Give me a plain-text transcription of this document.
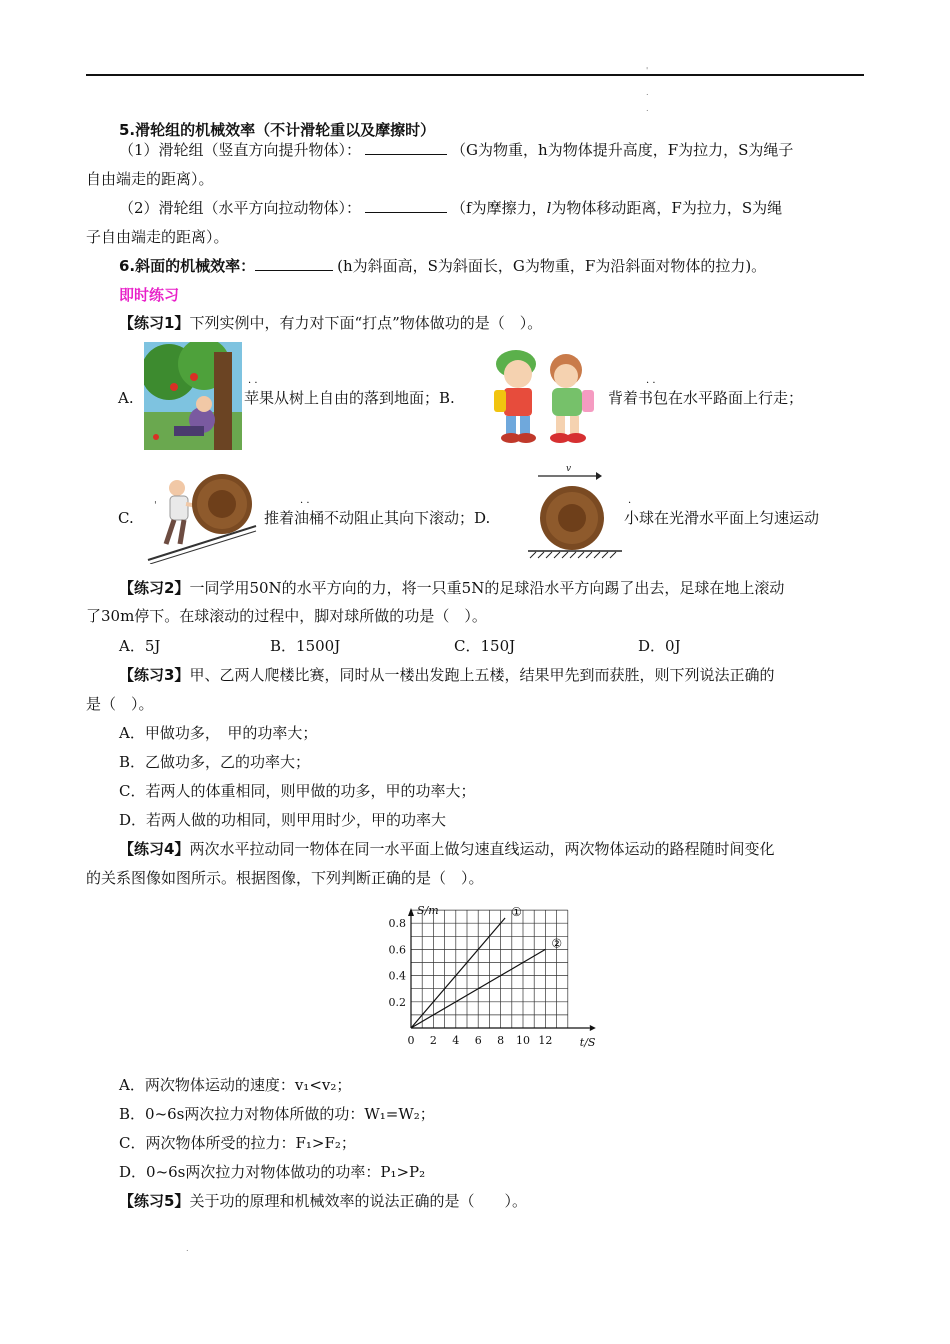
'
.
.
5.滑轮组的机械效率（不计滑轮重以及摩擦时）
（1）滑轮组（竖直方向提升物体）：	（G为物重，h为物体提升高度，F为拉力，S为绳子
自由端走的距离）。
（2）滑轮组（水平方向拉动物体）：	（f为摩擦力，l为物体移动距离，F为拉力，S为绳
子自由端走的距离）。
6.斜面的机械效率：	(h为斜面高，S为斜面长，G为物重，F为沿斜面对物体的拉力)。
即时练习
【练习1】下列实例中，有力对下面“打点”物体做功的是（　）。
A.	苹果从树上自由的落到地面；B.
· ·
背着书包在水平路面上行走；
· ·
'
C.	推着油桶不动阻止其向下滚动；D.
· ·
v
小球在光滑水平面上匀速运动
·
【练习2】一同学用50N的水平方向的力，将一只重5N的足球沿水平方向踢了出去，足球在地上滚动
了30m停下。在球滚动的过程中，脚对球所做的功是（　）。
A．5J	B．1500J	C．150J	D．0J
【练习3】甲、乙两人爬楼比赛，同时从一楼出发跑上五楼，结果甲先到而获胜，则下列说法正确的
是（　）。
A．甲做功多，　甲的功率大；
B．乙做功多，乙的功率大；
C．若两人的体重相同，则甲做的功多，甲的功率大；
D．若两人做的功相同，则甲用时少，甲的功率大
【练习4】两次水平拉动同一物体在同一水平面上做匀速直线运动，两次物体运动的路程随时间变化
的关系图像如图所示。根据图像，下列判断正确的是（　）。
0 2 4 6 8 10 12
0.2
0.4
0.6
0.8
t/S
S/m	①
②
A．两次物体运动的速度：v₁<v₂；
B．0~6s两次拉力对物体所做的功：W₁=W₂；
C．两次物体所受的拉力：F₁>F₂；
D．0~6s两次拉力对物体做功的功率：P₁>P₂
【练习5】关于功的原理和机械效率的说法正确的是（　　）。
.
